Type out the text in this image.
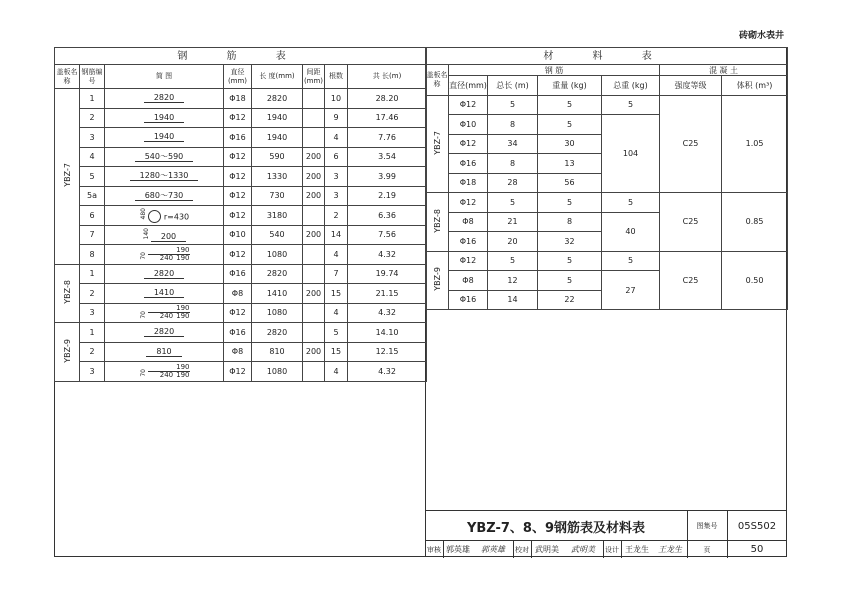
砖砌水表井
钢 筋 表							
盖板名称	钢筋编号	简 图	直径(mm)	长 度(mm)	间距(mm)	根数	共 长(m)
YBZ-7	1	2820	Φ18	2820		10	28.20
	2	1940	Φ12	1940		9	17.46
	3	1940	Φ16	1940		4	7.76
	4	540～590	Φ12	590	200	6	3.54
	5	1280～1330	Φ12	1330	200	3	3.99
	5a	680～730	Φ12	730	200	3	2.19
	6	480 r=430	Φ12	3180		2	6.36
	7	140 200	Φ10	540	200	14	7.56
	8	$70 \frac{190}{240 190}$	Φ12	1080		4	4.32
YBZ-8	1	2820	Φ16	2820		7	19.74
	2	1410	Φ8	1410	200	15	21.15
	3	$70 \frac{190}{240 190}$	Φ12	1080		4	4.32
YBZ-9	1	2820	Φ16	2820		5	14.10
	2	810	Φ8	810	200	15	12.15
	3	$70 \frac{190}{240 190}$	Φ12	1080		4	4.32

材 料 表						
盖板名称	钢 筋				混 凝 土	
	直径(mm)	总长 (m)	重量 (kg)	总重 (kg)	强度等级	体积 (m³)
YBZ-7	Φ12	5	5	5	C25	1.05
	Φ10	8	5	104		
	Φ12	34	30			
	Φ16	8	13			
	Φ18	28	56			
YBZ-8	Φ12	5	5	5	C25	0.85
	Φ8	21	8	40		
	Φ16	20	32			
YBZ-9	Φ12	5	5	5	C25	0.50
	Φ8	12	5	27		
	Φ16	14	22			
YBZ-7、8、9钢筋表及材料表	图集号	05S502
审核 郭英雄	郭英雄	校对 武明美	武明美	设计 王龙生	王龙生	页	50
